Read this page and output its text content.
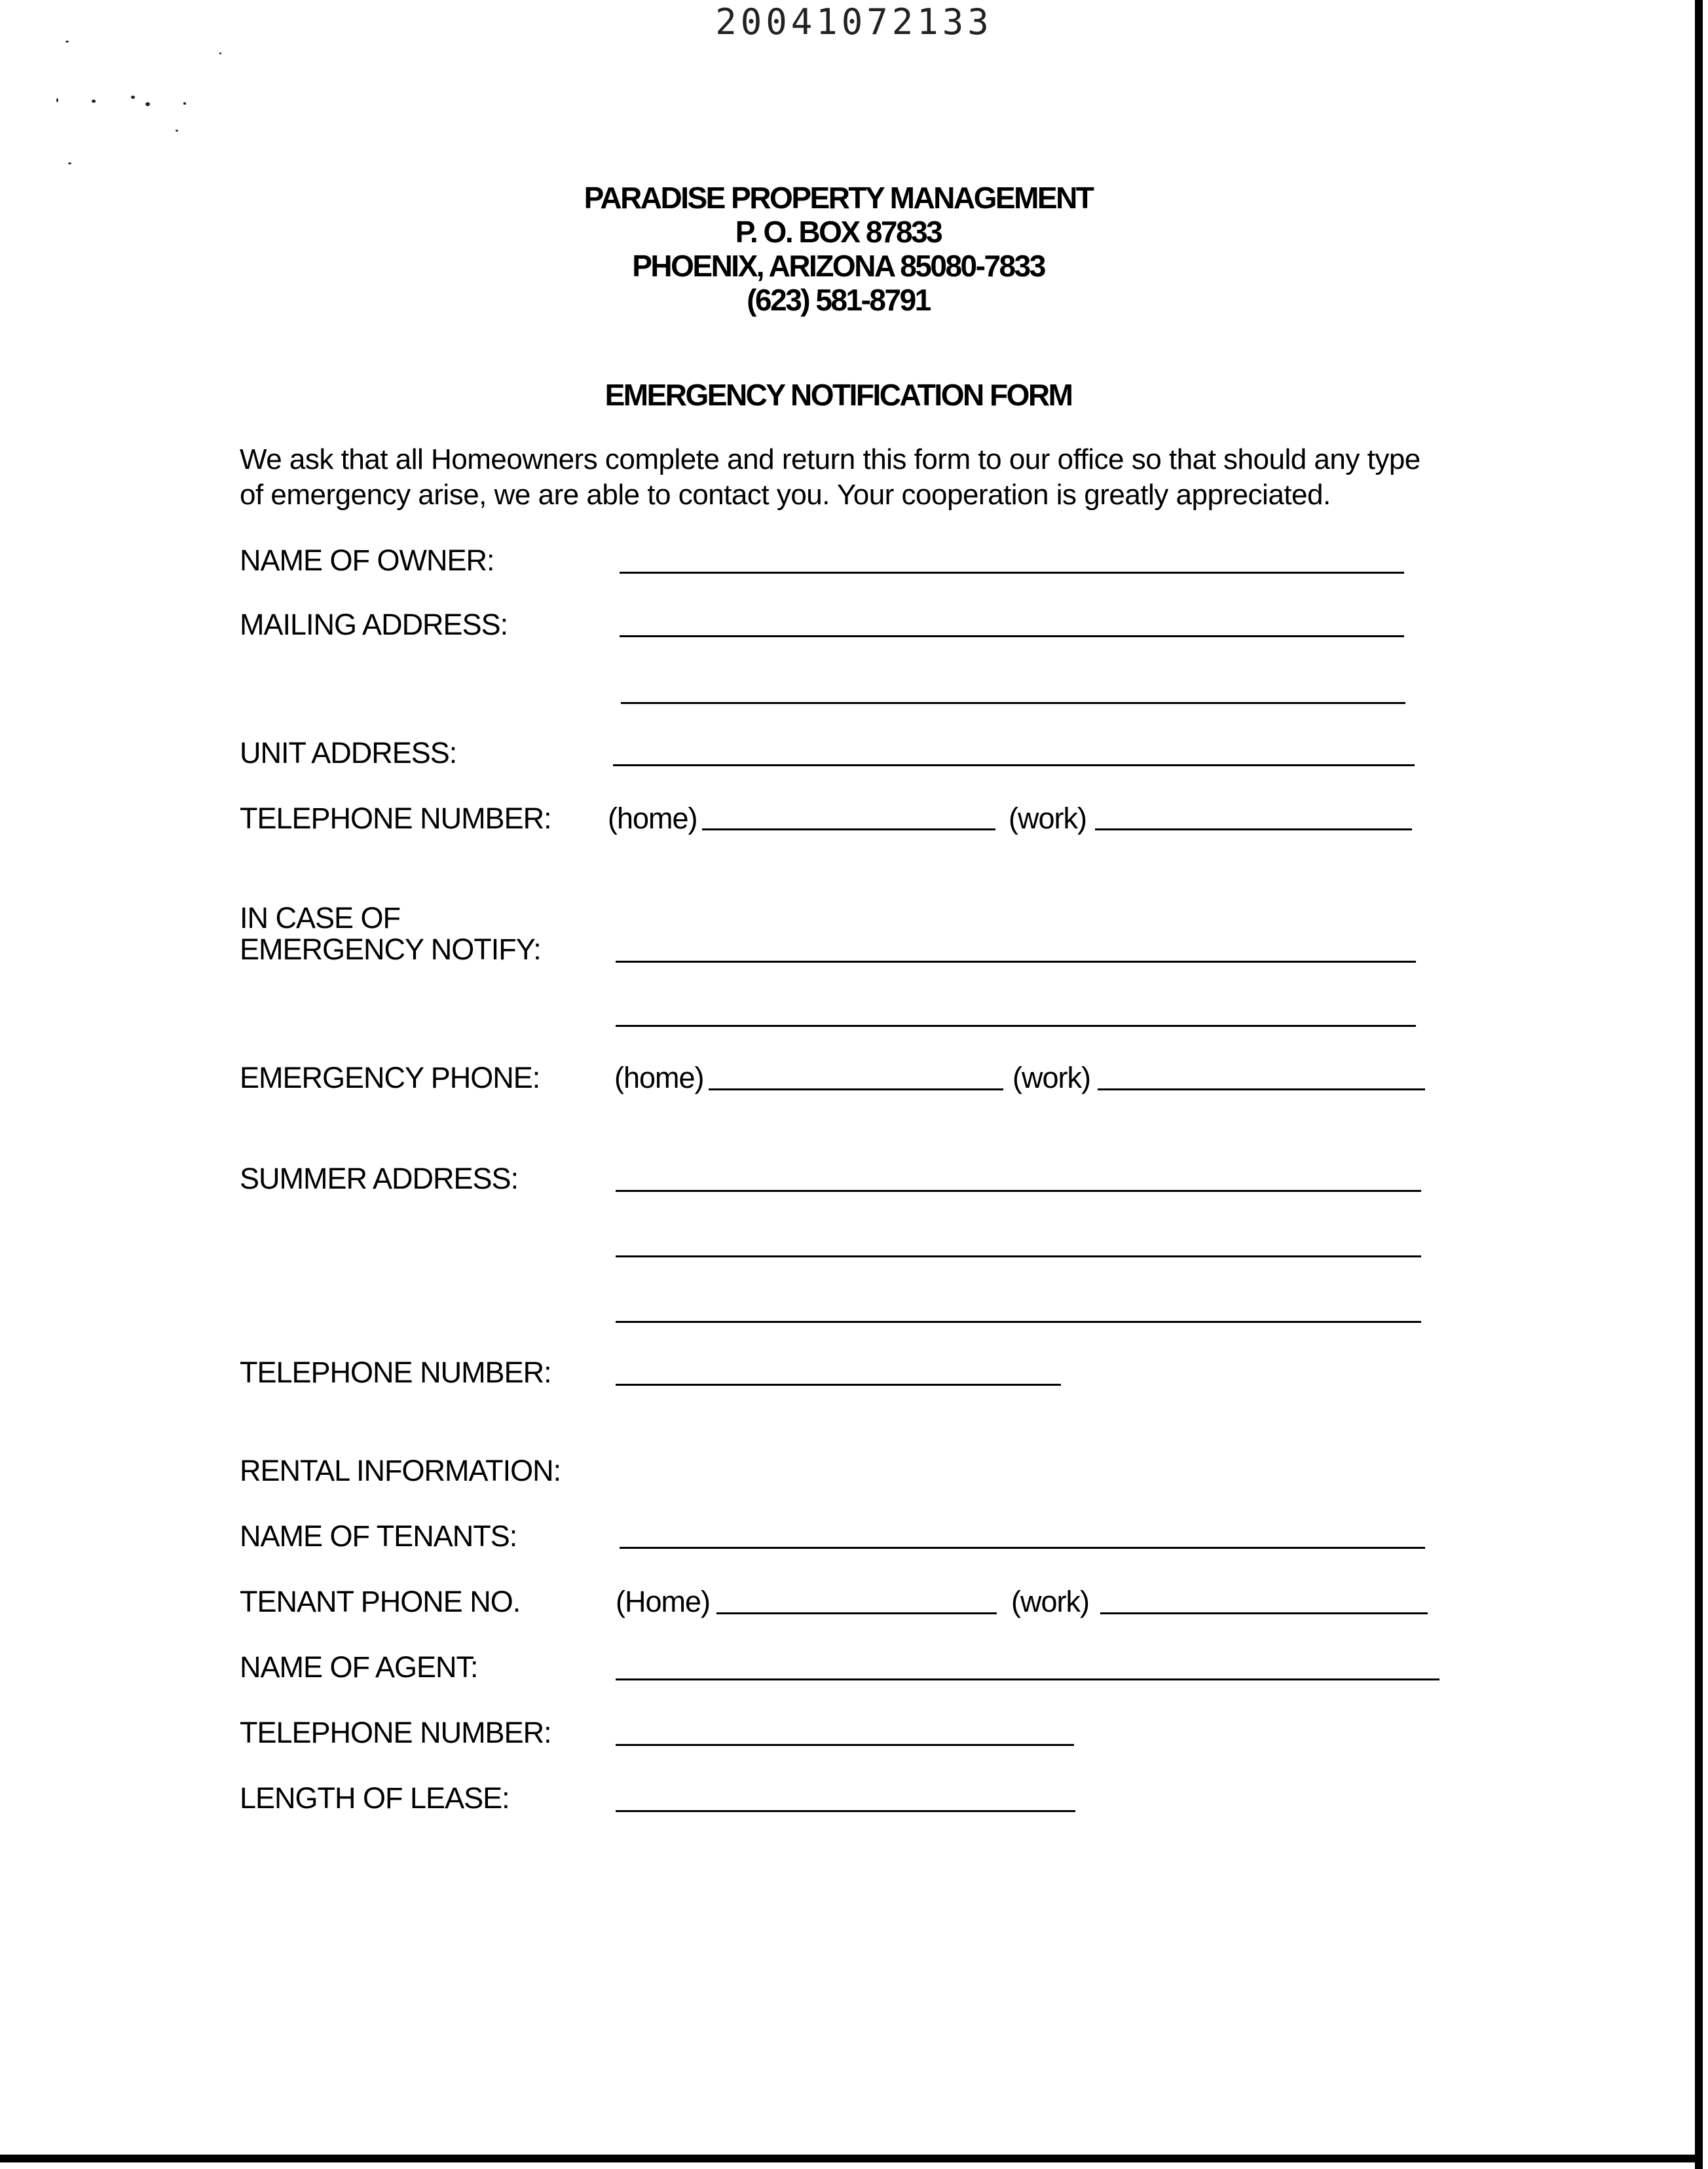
20041072133
PARADISE PROPERTY MANAGEMENT
P. O. BOX 87833
PHOENIX, ARIZONA 85080-7833
(623) 581-8791
EMERGENCY NOTIFICATION FORM
We ask that all Homeowners complete and return this form to our office so that should any type
of emergency arise, we are able to contact you. Your cooperation is greatly appreciated.
NAME OF OWNER:
MAILING ADDRESS:
UNIT ADDRESS:
TELEPHONE NUMBER: (home)	(work)
IN CASE OF
EMERGENCY NOTIFY:
EMERGENCY PHONE:	(home)	(work)
SUMMER ADDRESS:
TELEPHONE NUMBER:
RENTAL INFORMATION:
NAME OF TENANTS:
TENANT PHONE NO.	(Home)	(work)
NAME OF AGENT:
TELEPHONE NUMBER:
LENGTH OF LEASE:
